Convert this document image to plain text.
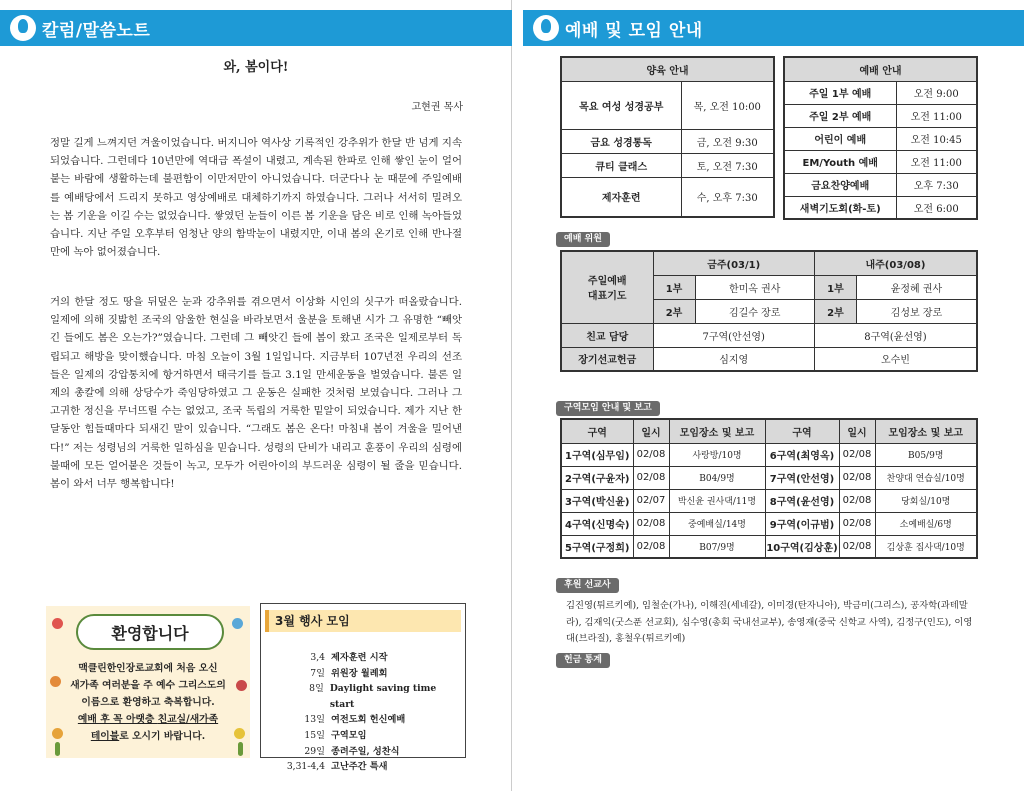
칼럼/말씀노트
와, 봄이다!
고현권 목사
정말 길게 느껴지던 겨울이었습니다. 버지니아 역사상 기록적인 강추위가 한달 반 넘게 지속되었습니다. 그런데다 10년만에 역대급 폭설이 내렸고, 계속된 한파로 인해 쌓인 눈이 얼어붙는 바람에 생활하는데 불편함이 이만저만이 아니었습니다. 더군다나 눈 때문에 주일예배를 예배당에서 드리지 못하고 영상예배로 대체하기까지 하였습니다. 그러나 서서히 밀려오는 봄 기운을 이길 수는 없었습니다. 쌓였던 눈들이 이른 봄 기운을 담은 비로 인해 녹아들었습니다. 지난 주일 오후부터 엄청난 양의 함박눈이 내렸지만, 이내 봄의 온기로 인해 반나절만에 녹아 없어졌습니다.
거의 한달 정도 땅을 뒤덮은 눈과 강추위를 겪으면서 이상화 시인의 싯구가 떠올랐습니다. 일제에 의해 짓밟힌 조국의 암울한 현실을 바라보면서 울분을 토해낸 시가 그 유명한 “빼앗긴 들에도 봄은 오는가?”였습니다. 그런데 그 빼앗긴 들에 봄이 왔고 조국은 일제로부터 독립되고 해방을 맞이했습니다. 마침 오늘이 3월 1일입니다. 지금부터 107년전 우리의 선조들은 일제의 강압통치에 항거하면서 태극기를 들고 3.1일 만세운동을 벌였습니다. 불론 일제의 총칼에 의해 상당수가 죽임당하였고 그 운동은 실패한 것처럼 보였습니다. 그러나 그 고귀한 정신을 무너뜨릴 수는 없었고, 조국 독립의 거룩한 밑알이 되었습니다. 제가 지난 한달동안 힘들때마다 되새긴 말이 있습니다. “그래도 봄은 온다! 마침내 봄이 겨울을 밀어낸다!” 저는 성령님의 거룩한 일하심을 믿습니다. 성령의 단비가 내리고 훈풍이 우리의 심령에 불때에 모든 얼어붙은 것들이 녹고, 모두가 어린아이의 부드러운 심령이 될 줄을 믿습니다. 봄이 와서 너무 행복합니다!
환영합니다
맥클린한인장로교회에 처음 오신
새가족 여러분을 주 예수 그리스도의
이름으로 환영하고 축복합니다.
예배 후 꼭 아랫층 친교실/새가족
테이블로 오시기 바랍니다.
3월 행사 모임
3,4 제자훈련 시작
7일 위원장 월례회
8일 Daylight saving time start
13일 여전도회 헌신예배
15일 구역모임
29일 종려주일, 성찬식
3,31-4,4 고난주간 특새
예배 및 모임 안내
양육 안내	
목요 여성 성경공부	목, 오전 10:00
금요 성경통독	금, 오전 9:30
큐티 클래스	토, 오전 7:30
제자훈련	수, 오후 7:30
예배 안내	
주일 1부 예배	오전 9:00
주일 2부 예배	오전 11:00
어린이 예배	오전 10:45
EM/Youth 예배	오전 11:00
금요찬양예배	오후 7:30
새벽기도회(화-토)	오전 6:00
예배 위원
주일예배
대표기도	금주(03/1)		내주(03/08)	
	1부	한미옥 권사	1부	윤정혜 권사
	2부	김길수 장로	2부	김성보 장로
친교 담당	7구역(안선영)		8구역(윤선영)	
장기선교헌금	심지영		오수빈	
구역모임 안내 및 보고
구역	일시	모임장소 및 보고	구역	일시	모임장소 및 보고
1구역(심무임)	02/08	사랑방/10명	6구역(최영옥)	02/08	B05/9명
2구역(구윤자)	02/08	B04/9명	7구역(안선영)	02/08	찬양대 연습실/10명
3구역(박신윤)	02/07	박신윤 권사댁/11명	8구역(윤선영)	02/08	당회실/10명
4구역(신명숙)	02/08	중예배실/14명	9구역(이규범)	02/08	소예배실/6명
5구역(구정희)	02/08	B07/9명	10구역(김상훈)	02/08	김상훈 집사댁/10명
후원 선교사
김진영(튀르키예), 임철순(가나), 이해진(세네갈), 이미경(탄자니아), 박금미(그리스), 공자학(과테말라), 김재익(굿스푼 선교회), 심수영(총회 국내선교부), 송영재(중국 신학교 사역), 김정구(인도), 이영대(브라질), 홍철우(튀르키예)
헌금 통계
